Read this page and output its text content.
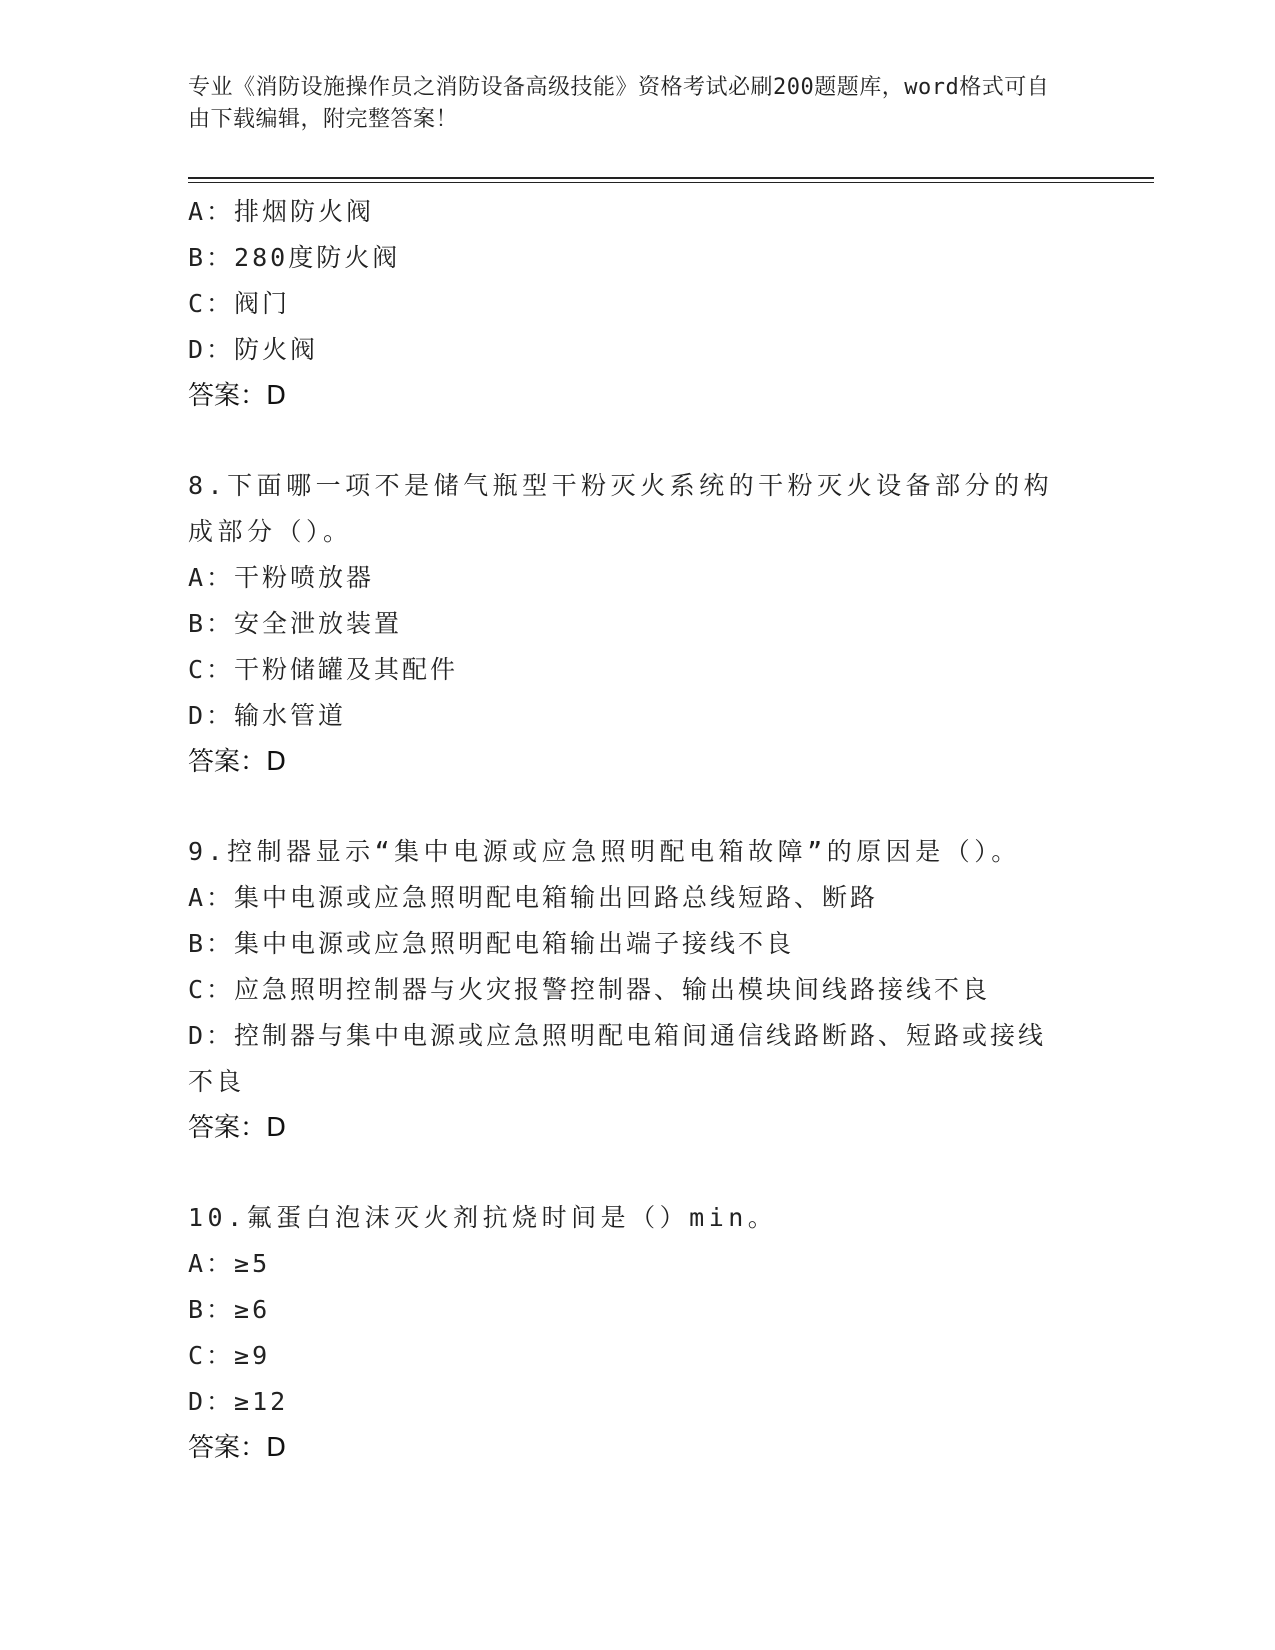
专业《消防设施操作员之消防设备高级技能》资格考试必刷200题题库，word格式可自由下载编辑，附完整答案！
A：排烟防火阀
B：280度防火阀
C：阀门
D：防火阀
答案：D
8.下面哪一项不是储气瓶型干粉灭火系统的干粉灭火设备部分的构成部分（）。
A：干粉喷放器
B：安全泄放装置
C：干粉储罐及其配件
D：输水管道
答案：D
9.控制器显示“集中电源或应急照明配电箱故障”的原因是（）。
A：集中电源或应急照明配电箱输出回路总线短路、断路
B：集中电源或应急照明配电箱输出端子接线不良
C：应急照明控制器与火灾报警控制器、输出模块间线路接线不良
D：控制器与集中电源或应急照明配电箱间通信线路断路、短路或接线不良
答案：D
10.氟蛋白泡沫灭火剂抗烧时间是（）min。
A：≥5
B：≥6
C：≥9
D：≥12
答案：D
